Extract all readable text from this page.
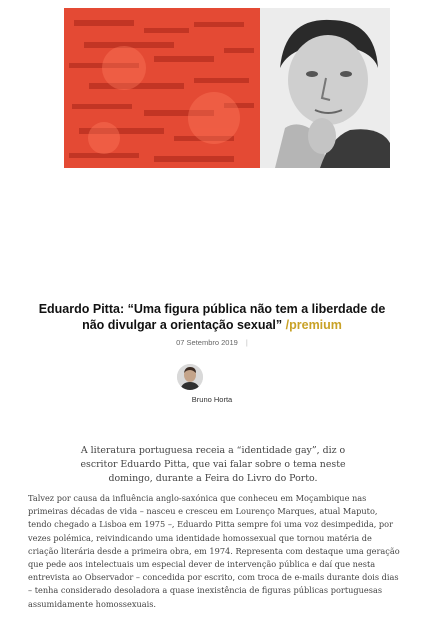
Eduardo Pitta: “Uma figura pública não tem a liberdade de não divulgar a orientação sexual” /premium
07 Setembro 2019 |
Bruno Horta
A literatura portuguesa receia a “identidade gay”, diz o escritor Eduardo Pitta, que vai falar sobre o tema neste domingo, durante a Feira do Livro do Porto.

Talvez por causa da influência anglo-saxónica que conheceu em Moçambique nas primeiras décadas de vida – nasceu e cresceu em Lourenço Marques, atual Maputo, tendo chegado a Lisboa em 1975 –, Eduardo Pitta sempre foi uma voz desimpedida, por vezes polémica, reivindicando uma identidade homossexual que tornou matéria de criação literária desde a primeira obra, em 1974. Representa com destaque uma geração que pede aos intelectuais um especial dever de intervenção pública e daí que nesta entrevista ao Observador – concedida por escrito, com troca de e-mails durante dois dias – tenha considerado desoladora a quase inexistência de figuras públicas portuguesas assumidamente homossexuais.
